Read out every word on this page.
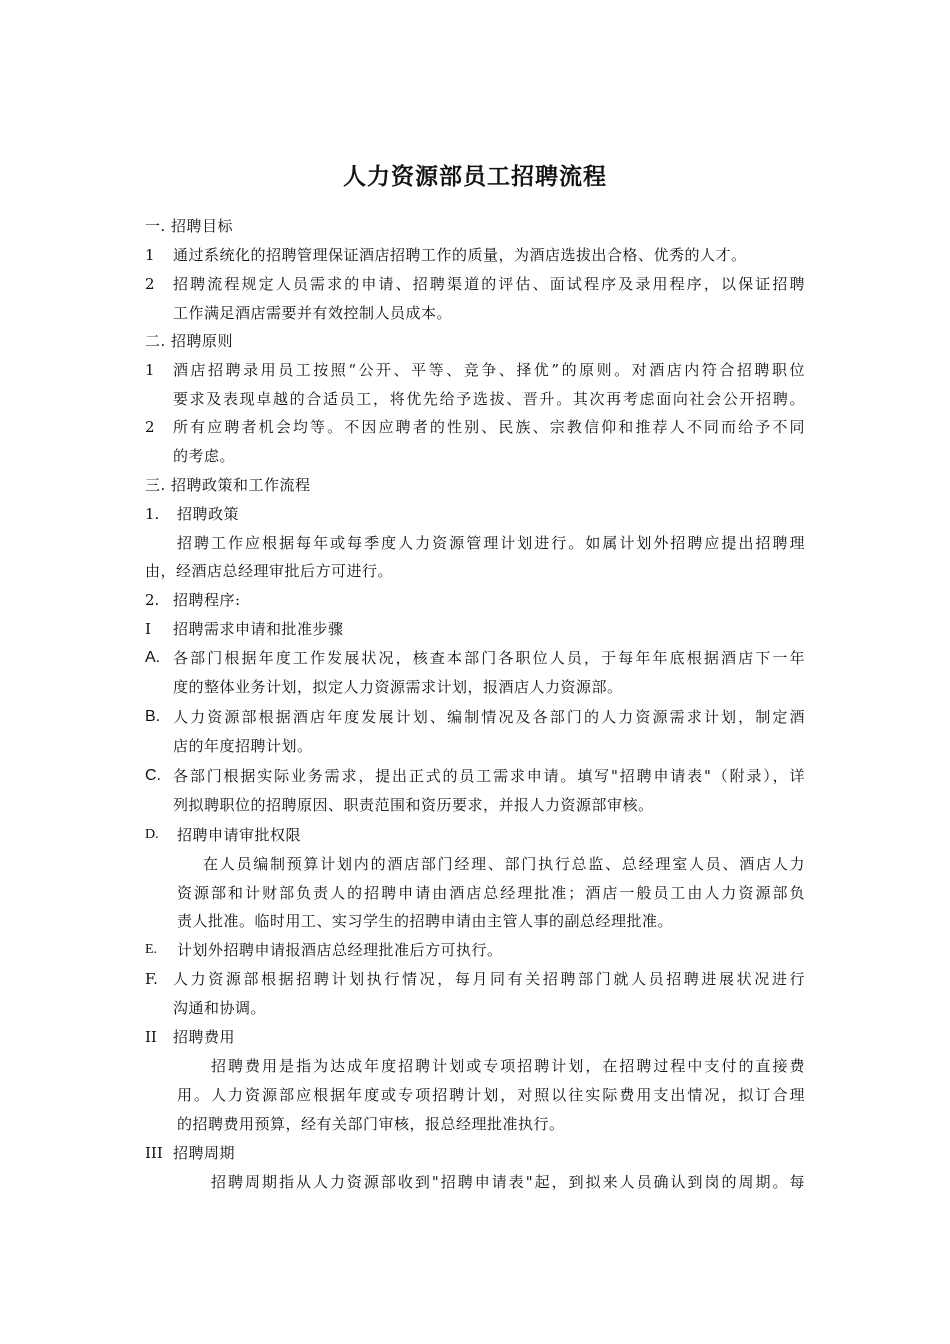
人力资源部员工招聘流程
一. 招聘目标
1 通过系统化的招聘管理保证酒店招聘工作的质量，为酒店选拔出合格、优秀的人才。
2 招聘流程规定人员需求的申请、招聘渠道的评估、面试程序及录用程序，以保证招聘
工作满足酒店需要并有效控制人员成本。
二. 招聘原则
1 酒店招聘录用员工按照“公开、平等、竞争、择优”的原则。对酒店内符合招聘职位
要求及表现卓越的合适员工，将优先给予选拔、晋升。其次再考虑面向社会公开招聘。
2 所有应聘者机会均等。不因应聘者的性别、民族、宗教信仰和推荐人不同而给予不同
的考虑。
三. 招聘政策和工作流程
1. 招聘政策
招聘工作应根据每年或每季度人力资源管理计划进行。如属计划外招聘应提出招聘理
由，经酒店总经理审批后方可进行。
2. 招聘程序:
I 招聘需求申请和批准步骤
A. 各部门根据年度工作发展状况，核查本部门各职位人员，于每年年底根据酒店下一年
度的整体业务计划，拟定人力资源需求计划，报酒店人力资源部。
B. 人力资源部根据酒店年度发展计划、编制情况及各部门的人力资源需求计划，制定酒
店的年度招聘计划。
C. 各部门根据实际业务需求，提出正式的员工需求申请。填写"招聘申请表"（附录），详
列拟聘职位的招聘原因、职责范围和资历要求，并报人力资源部审核。
D. 招聘申请审批权限
在人员编制预算计划内的酒店部门经理、部门执行总监、总经理室人员、酒店人力
资源部和计财部负责人的招聘申请由酒店总经理批准；酒店一般员工由人力资源部负
责人批准。临时用工、实习学生的招聘申请由主管人事的副总经理批准。
E. 计划外招聘申请报酒店总经理批准后方可执行。
F. 人力资源部根据招聘计划执行情况，每月同有关招聘部门就人员招聘进展状况进行
沟通和协调。
II 招聘费用
招聘费用是指为达成年度招聘计划或专项招聘计划，在招聘过程中支付的直接费
用。人力资源部应根据年度或专项招聘计划，对照以往实际费用支出情况，拟订合理
的招聘费用预算，经有关部门审核，报总经理批准执行。
III 招聘周期
招聘周期指从人力资源部收到"招聘申请表"起，到拟来人员确认到岗的周期。每
